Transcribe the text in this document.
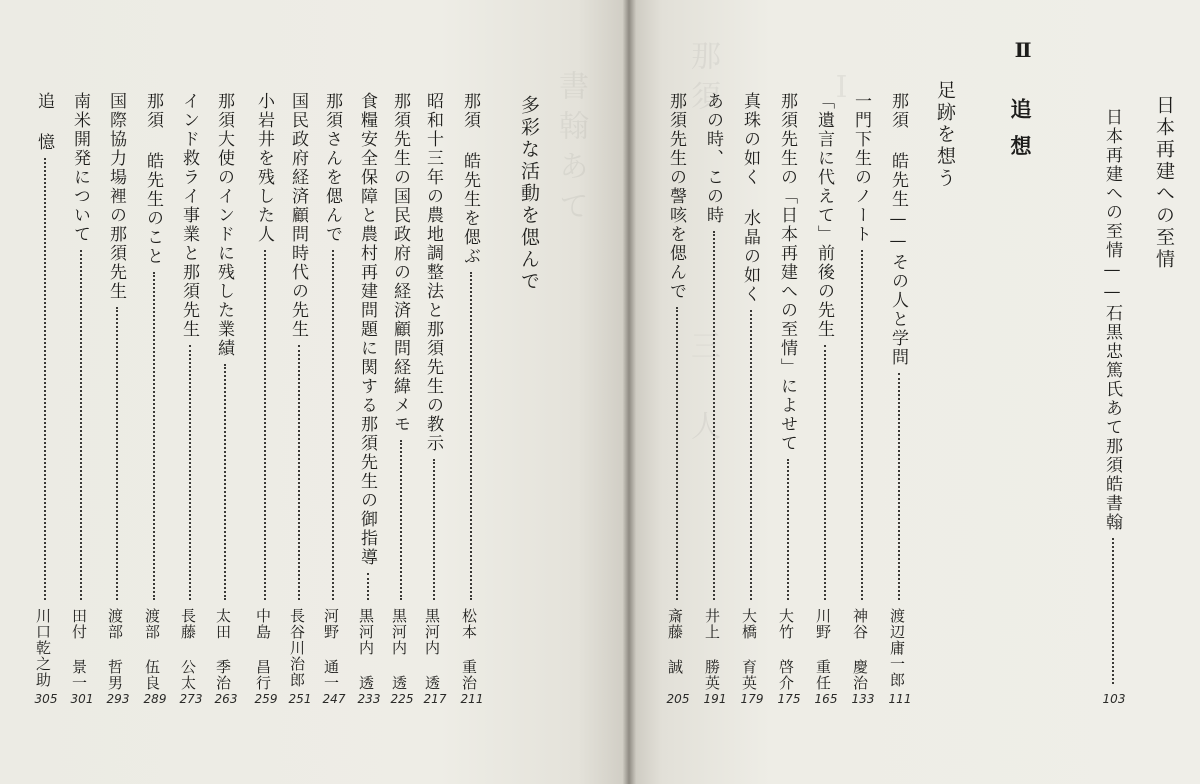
書翰あて

多彩な活動を偲んで
那須 皓先生を偲ぶ
松本 重治
211
昭和十三年の農地調整法と那須先生の教示
黒河内 透
217
那須先生の国民政府の経済顧問経緯メモ
黒河内 透
225
食糧安全保障と農村再建問題に関する那須先生の御指導
黒河内 透
233
那須さんを偲んで
河野 通一
247
国民政府経済顧問時代の先生
長谷川治郎
251
小岩井を残した人
中島 昌行
259
那須大使のインドに残した業績
太田 季治
263
インド救ライ事業と那須先生
長藤 公太
273
那須 皓先生のこと
渡部 伍良
289
国際協力場裡の那須先生
渡部 哲男
293
南米開発について
田付 景一
301
追 憶
川口乾之助
305
那須
三　人
Ⅰ
日本再建への至情
日本再建への至情——石黒忠篤氏あて那須皓書翰
103
Ⅱ
追想
足跡を想う
那須 皓先生——その人と学問
渡辺庸一郎
111
一門下生のノート
神谷 慶治
133
「遺言に代えて」前後の先生
川野 重任
165
那須先生の「日本再建への至情」によせて
大竹 啓介
175
真珠の如く 水晶の如く
大橋 育英
179
あの時、この時
井上 勝英
191
那須先生の謦咳を偲んで
斎藤 誠
205
